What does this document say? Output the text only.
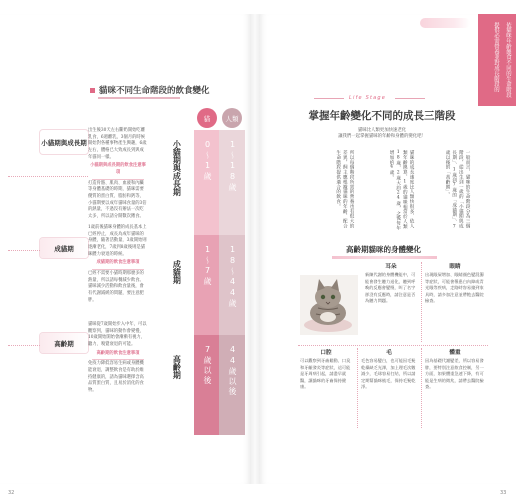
貓咪不同生命階段的飲食變化
貓	人類
小貓期與成長期
成貓期
高齡期
0〜1歲
1〜7歲
7歲以後
1〜18歲
18〜44歲
44歲以後
小貓期與成長期
出生後30天左右斷奶開始吃離乳食，6週離乳，3個月的時候開始對各種事物產生興趣，6歲左右，體格已大致成長到與成年貓同一樣。
小貓期與成長期的飲食注意事項
打造骨骼、肌肉、血液和內臟等身體基礎的時期，貓咪需要優質的蛋白質、脂肪和鈣等，小貓期要以成年貓咪食量的3倍的熱量，不過沒有辦法一次吃太多，所以請分開數次餵食。
成貓期
1歲前後貓咪身體的成長基本上已經停止，成長為成年貓咪的身體，隨著活動量，3歲開始則逐漸老化，7歲到8歲後則是貓咪體力衰退的時候。
成貓期的飲食注意事項
已經不需要小貓時期那麼多的熱量，所以請每餐減少飲食。貓咪減少活動和飲食量後，會有代謝減緩的問題，要注意肥胖。
高齡期
貓咪從7歲開始步入中年，可以觀察到，貓咪的動作會變慢，10歲開始開始會漸漸有視力、聽力、嗅覺衰退的可能。
高齡期的飲食注意事項
免疫力降低容易生病或身體機能衰退，調整飲食是有助於維持健康的，請為貓咪選擇含高品質蛋白質，且易於消化的食物。
32
依貓咪年齡餵食不同的生命階段
提供必需營養並對成長階段的
Life Stage
掌握年齡變化不同的成長三階段
貓咪比人類更加快速老化
讓我們一起掌握貓咪的年齡和身體的變化吧！
一般而言，貓咪的生命階段分為三個階段，從出生到一歲的「小貓期與成長期」、1歲到7歲的「成貓期」、7歲以後的「高齡期」。
貓咪的成長速度比人類快很多，依人類年齡換算，1歲的貓咪相當於人類18歲，2歲大約24歲，之後每年增加約4歲。
所以每個階段所需的營養也有很大的差異，飼主應根據貓咪的年齡，配合生命階段提供適合的飲食。
高齡期貓咪的身體變化
耳朵
新陳代謝的身體機能中，可能會發生聽力退化，聽到呼喚的反應會變慢，叫了名字卻沒有反應時，請注意是否為聽力問題。
眼睛
出現眼屎增加、眼睛顏色變混濁等症狀，可能會罹患白內障或青光眼等疾病，走路時容易撞到家具時，請多加注意並帶牠去醫院檢查。
口腔
可以觀察到牙齒鬆動、口臭和牙齦發炎等症狀，這可能是牙周病引起，請盡早就醫，讓貓咪的牙齒保持健康。
毛
毛色容易變白，也可能因毛髮乾燥缺乏光澤，加上理毛次數減少，毛球容易打結，所以請定期幫貓咪梳毛，保持毛髮乾淨。
體重
因為基礎代謝變差，所以容易發胖，要特別注意飲食控制，另一方面，如果體重急速下降，有可能是生病的徵兆，請帶去醫院檢查。
33
